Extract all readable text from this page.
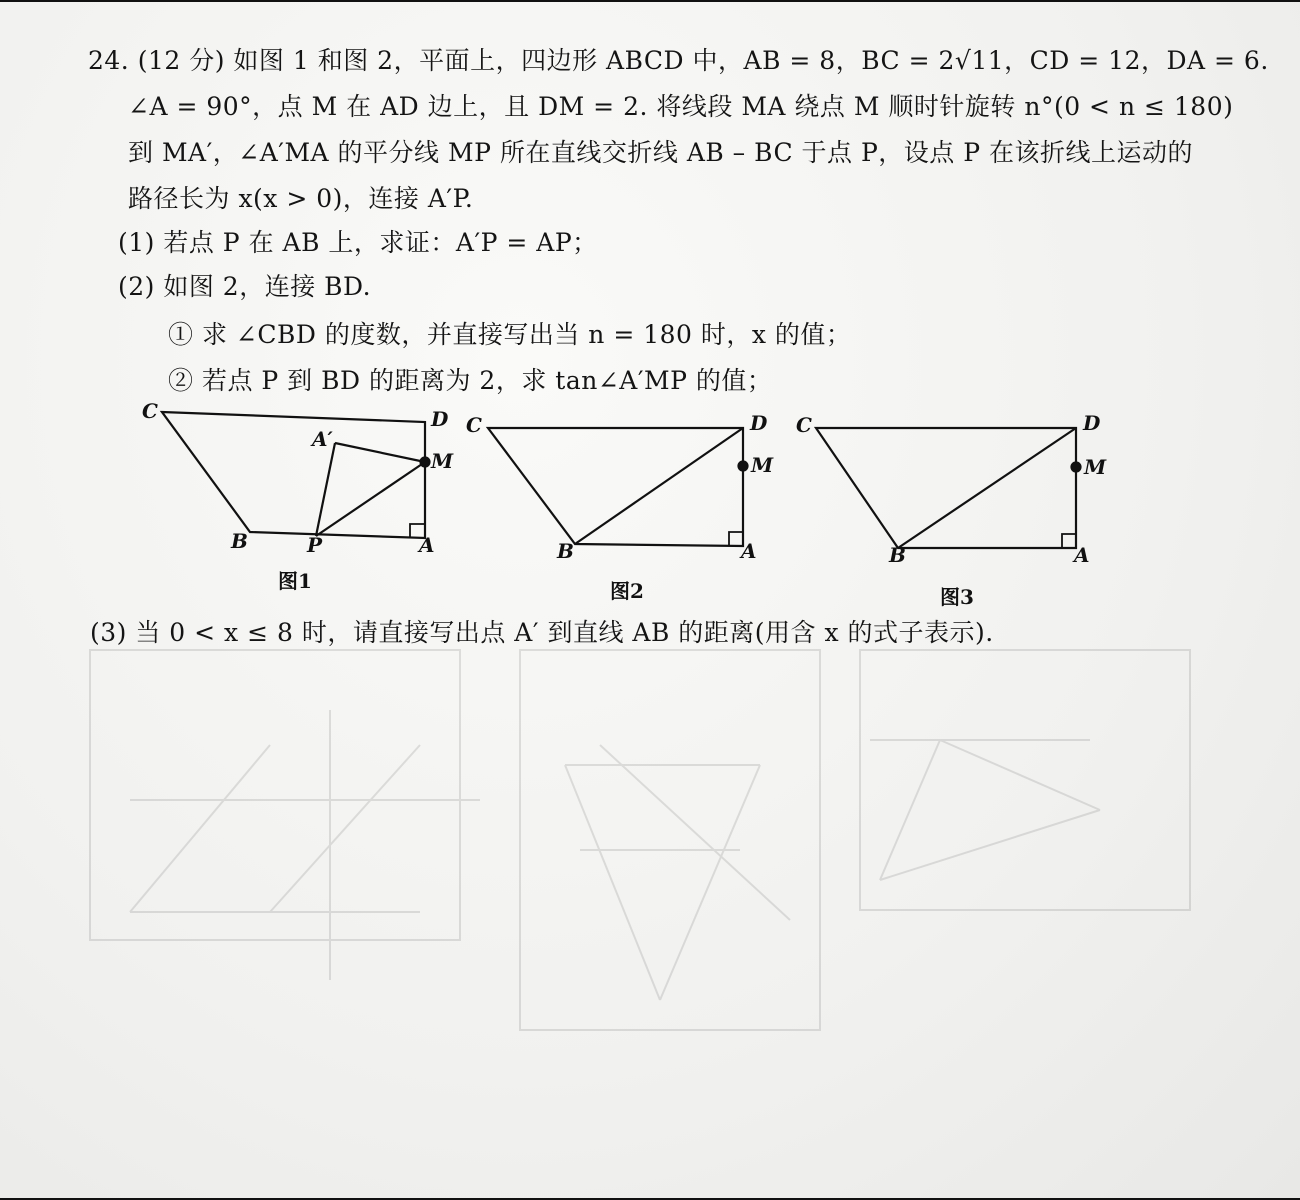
24. (12 分) 如图 1 和图 2，平面上，四边形 ABCD 中，AB = 8，BC = 2√11，CD = 12，DA = 6.
∠A = 90°，点 M 在 AD 边上，且 DM = 2. 将线段 MA 绕点 M 顺时针旋转 n°(0 < n ≤ 180)
到 MA′，∠A′MA 的平分线 MP 所在直线交折线 AB – BC 于点 P，设点 P 在该折线上运动的
路径长为 x(x > 0)，连接 A′P.
(1) 若点 P 在 AB 上，求证：A′P = AP；
(2) 如图 2，连接 BD.
① 求 ∠CBD 的度数，并直接写出当 n = 180 时，x 的值；
② 若点 P 到 BD 的距离为 2，求 tan∠A′MP 的值；
(3) 当 0 < x ≤ 8 时，请直接写出点 A′ 到直线 AB 的距离(用含 x 的式子表示).
C	D
A′
M
B	P	A
图1
C	D
M
B	A
图2
C	D
M
B	A
图3
